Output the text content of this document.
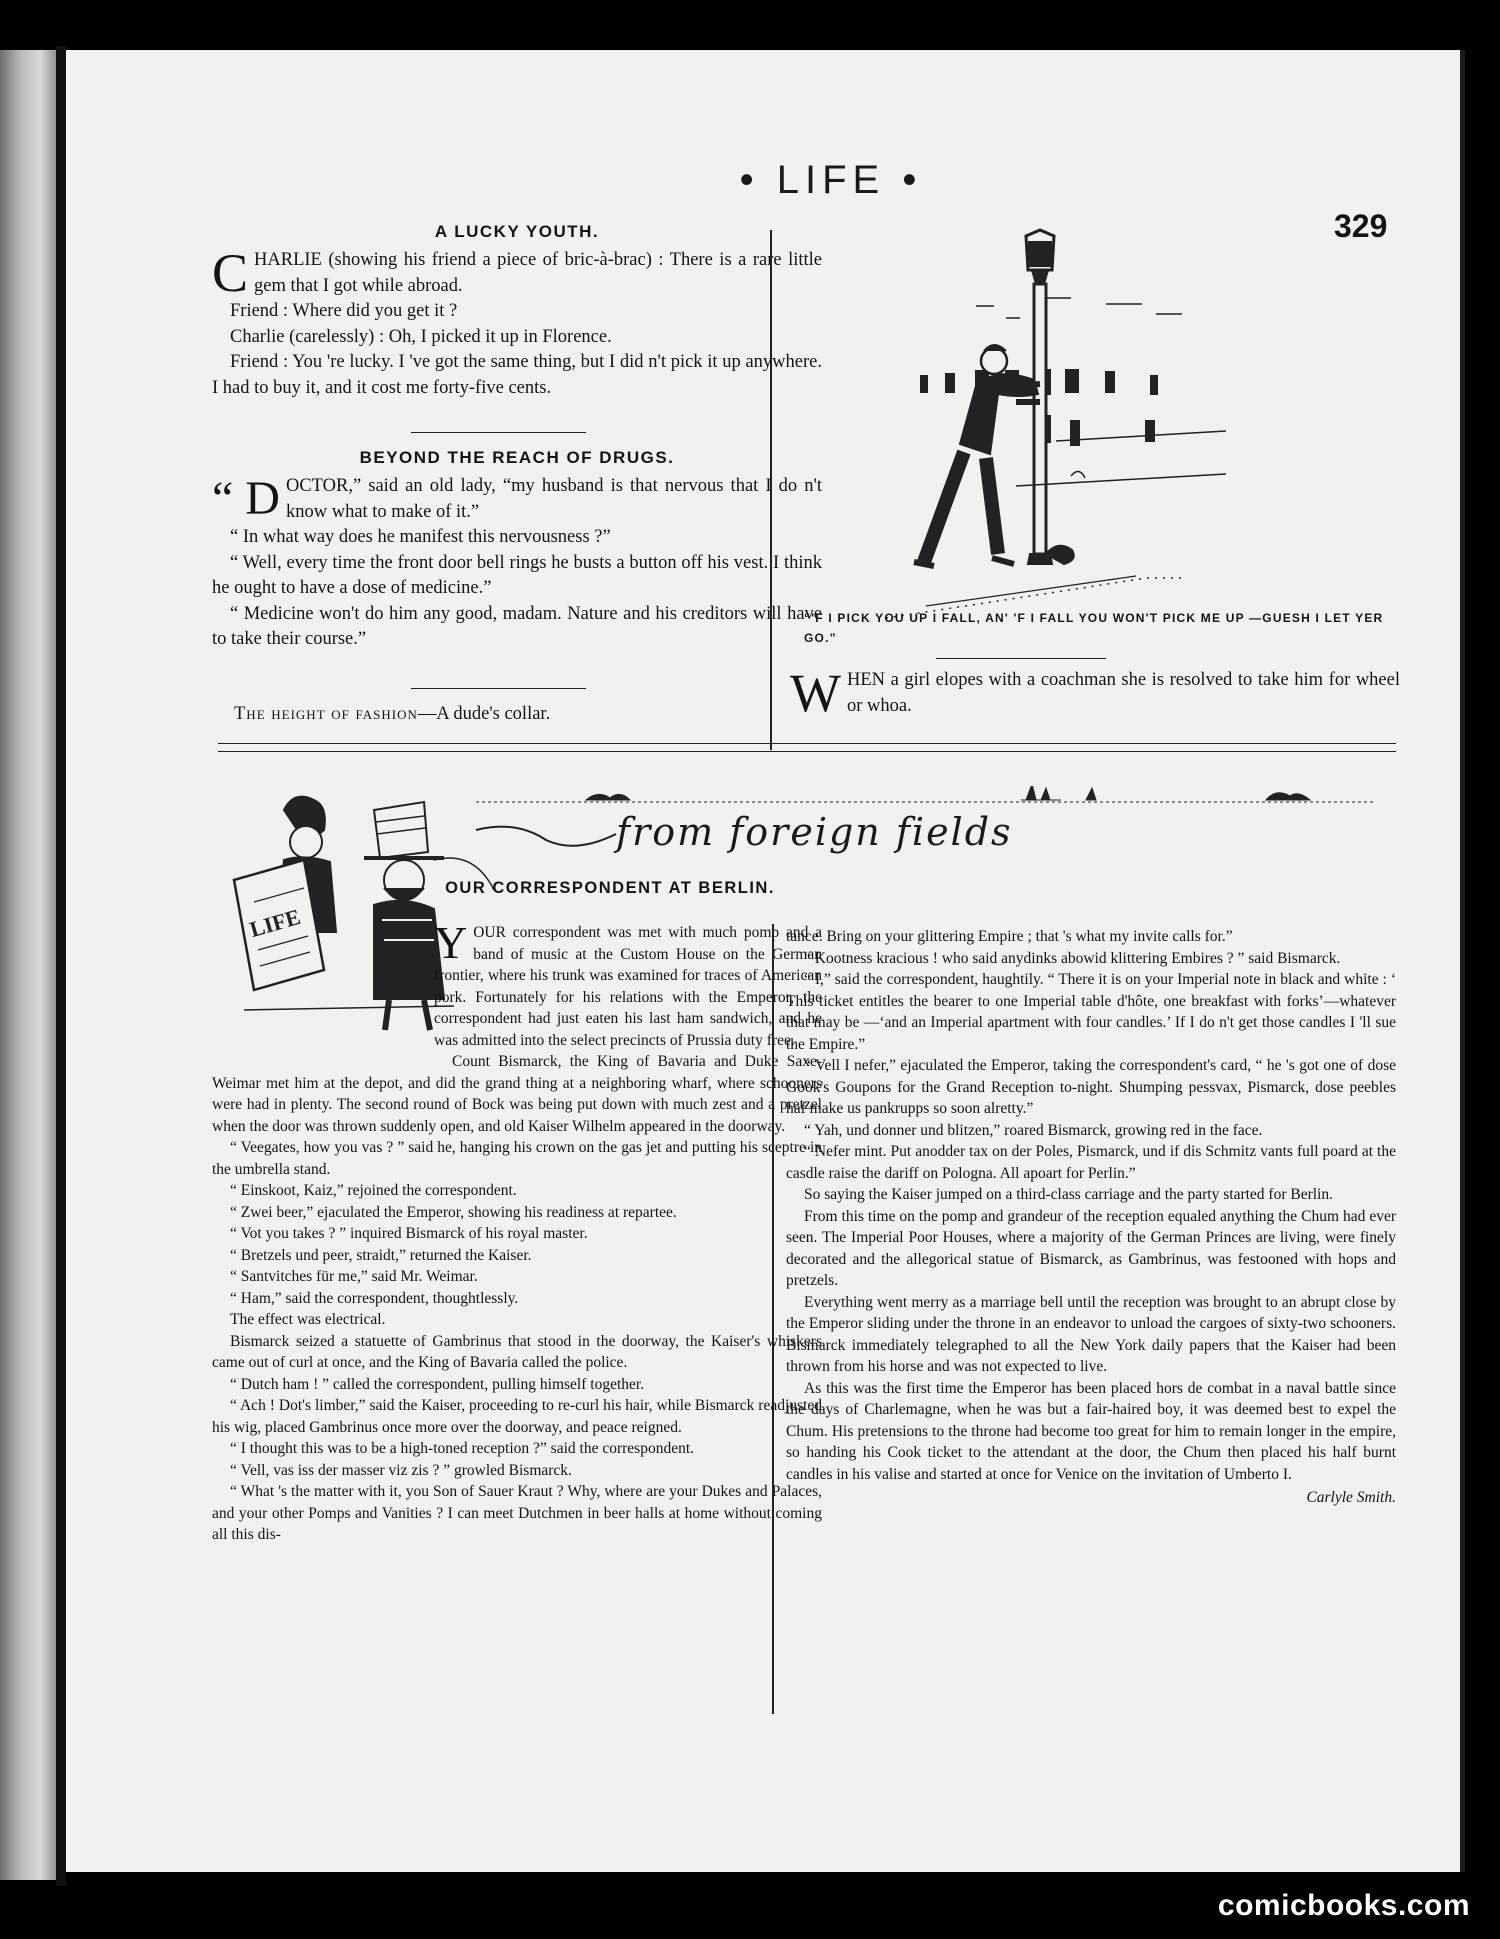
• LIFE •
329
A LUCKY YOUTH.

CHARLIE (showing his friend a piece of bric-à-brac) : There is a rare little gem that I got while abroad.

Friend : Where did you get it ?

Charlie (carelessly) : Oh, I picked it up in Florence.

Friend : You 're lucky. I 've got the same thing, but I did n't pick it up anywhere. I had to buy it, and it cost me forty-five cents.

BEYOND THE REACH OF DRUGS.

“ D OCTOR,” said an old lady, “my husband is that nervous that I do n't know what to make of it.”

“ In what way does he manifest this nervousness ?”

“ Well, every time the front door bell rings he busts a button off his vest. I think he ought to have a dose of medicine.”

“ Medicine won't do him any good, madam. Nature and his creditors will have to take their course.”

The height of fashion—A dude's collar.
“'F I PICK YOU UP I FALL, AN' 'F I FALL YOU WON'T PICK ME UP —GUESH I LET YER GO.”

WHEN a girl elopes with a coachman she is resolved to take him for wheel or whoa.

from foreign fields
LIFE
OUR CORRESPONDENT AT BERLIN.

YOUR correspondent was met with much pomp and a band of music at the Custom House on the German frontier, where his trunk was examined for traces of American pork. Fortunately for his relations with the Emperor, the correspondent had just eaten his last ham sandwich, and he was admitted into the select precincts of Prussia duty free.

Count Bismarck, the King of Bavaria and Duke Saxe-Weimar met him at the depot, and did the grand thing at a neighboring wharf, where schooners were had in plenty. The second round of Bock was being put down with much zest and a pretzel when the door was thrown suddenly open, and old Kaiser Wilhelm appeared in the doorway.

“ Veegates, how you vas ? ” said he, hanging his crown on the gas jet and putting his sceptre in the umbrella stand.

“ Einskoot, Kaiz,” rejoined the correspondent.

“ Zwei beer,” ejaculated the Emperor, showing his readiness at repartee.

“ Vot you takes ? ” inquired Bismarck of his royal master.

“ Bretzels und peer, straidt,” returned the Kaiser.

“ Santvitches für me,” said Mr. Weimar.

“ Ham,” said the correspondent, thoughtlessly.

The effect was electrical.

Bismarck seized a statuette of Gambrinus that stood in the doorway, the Kaiser's whiskers came out of curl at once, and the King of Bavaria called the police.

“ Dutch ham ! ” called the correspondent, pulling himself together.

“ Ach ! Dot's limber,” said the Kaiser, proceeding to re-curl his hair, while Bismarck readjusted his wig, placed Gambrinus once more over the doorway, and peace reigned.

“ I thought this was to be a high-toned reception ?” said the correspondent.

“ Vell, vas iss der masser viz zis ? ” growled Bismarck.

“ What 's the matter with it, you Son of Sauer Kraut ? Why, where are your Dukes and Palaces, and your other Pomps and Vanities ? I can meet Dutchmen in beer halls at home without coming all this dis-

tance. Bring on your glittering Empire ; that 's what my invite calls for.”

“ Kootness kracious ! who said anydinks abowid klittering Embires ? ” said Bismarck.

“ I,” said the correspondent, haughtily. “ There it is on your Imperial note in black and white : ‘ This ticket entitles the bearer to one Imperial table d'hôte, one breakfast with forks’—whatever that may be —‘and an Imperial apartment with four candles.’ If I do n't get those candles I 'll sue the Empire.”

“ Vell I nefer,” ejaculated the Emperor, taking the correspondent's card, “ he 's got one of dose Gook's Goupons for the Grand Reception to-night. Shumping pessvax, Pismarck, dose peebles haf make us pankrupps so soon alretty.”

“ Yah, und donner und blitzen,” roared Bismarck, growing red in the face.

“ Nefer mint. Put anodder tax on der Poles, Pismarck, und if dis Schmitz vants full poard at the casdle raise the dariff on Pologna. All apoart for Perlin.”

So saying the Kaiser jumped on a third-class carriage and the party started for Berlin.

From this time on the pomp and grandeur of the reception equaled anything the Chum had ever seen. The Imperial Poor Houses, where a majority of the German Princes are living, were finely decorated and the allegorical statue of Bismarck, as Gambrinus, was festooned with hops and pretzels.

Everything went merry as a marriage bell until the reception was brought to an abrupt close by the Emperor sliding under the throne in an endeavor to unload the cargoes of sixty-two schooners. Bismarck immediately telegraphed to all the New York daily papers that the Kaiser had been thrown from his horse and was not expected to live.

As this was the first time the Emperor has been placed hors de combat in a naval battle since the days of Charlemagne, when he was but a fair-haired boy, it was deemed best to expel the Chum. His pretensions to the throne had become too great for him to remain longer in the empire, so handing his Cook ticket to the attendant at the door, the Chum then placed his half burnt candles in his valise and started at once for Venice on the invitation of Umberto I.

Carlyle Smith.

comicbooks.com
